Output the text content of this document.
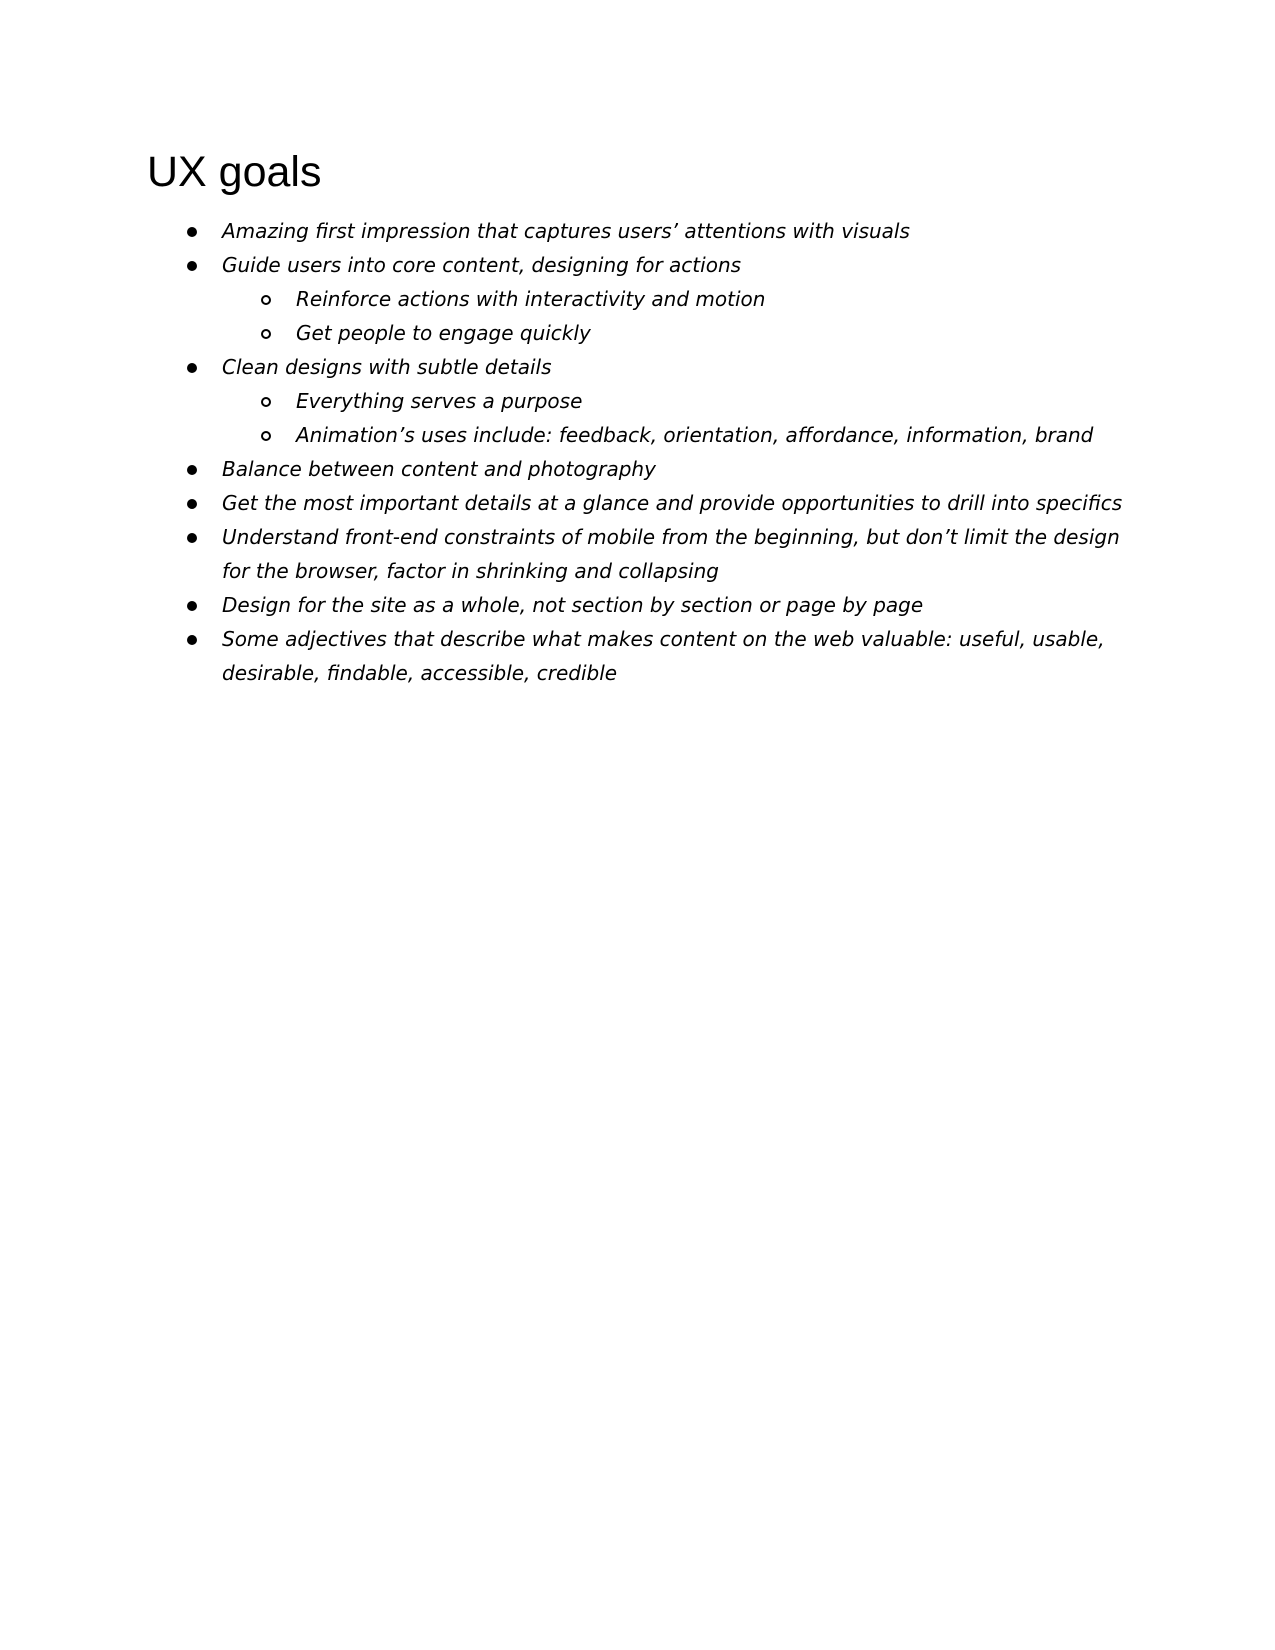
UX goals
Amazing first impression that captures users’ attentions with visuals
Guide users into core content, designing for actions
Reinforce actions with interactivity and motion
Get people to engage quickly
Clean designs with subtle details
Everything serves a purpose
Animation’s uses include: feedback, orientation, affordance, information, brand
Balance between content and photography
Get the most important details at a glance and provide opportunities to drill into specifics
Understand front-end constraints of mobile from the beginning, but don’t limit the design for the browser, factor in shrinking and collapsing
Design for the site as a whole, not section by section or page by page
Some adjectives that describe what makes content on the web valuable: useful, usable, desirable, findable, accessible, credible
